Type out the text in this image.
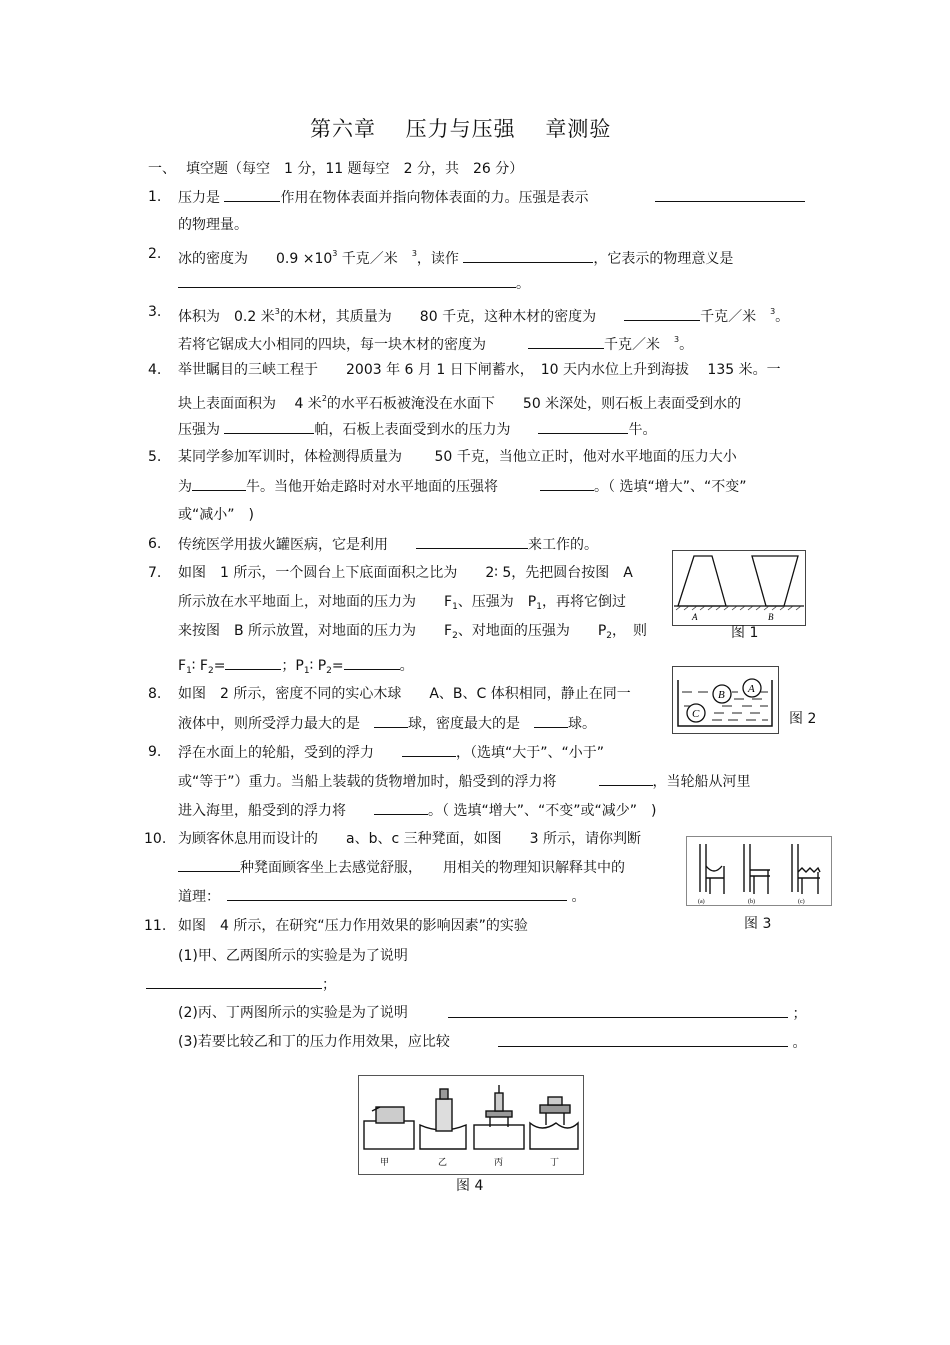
第六章　 压力与压强　 章测验
一、 填空题（每空　1 分，11 题每空　2 分，共　26 分）
1. 压力是	作用在物体表面并指向物体表面的力。压强是表示
的物理量。
2. 冰的密度为　　$0.9 \times 10^3$ 千克／米　 $^3$，读作	，它表示的物理意义是
。
3. 体积为　0.2 米$^3$的木材，其质量为　　80 千克，这种木材的密度为　　	千克／米　 $^3$。
若将它锯成大小相同的四块，每一块木材的密度为　　　	千克／米　 $^3$。
4. 举世瞩目的三峡工程于　　2003 年 6 月 1 日下闸蓄水，　10 天内水位上升到海拔　 135 米。一
块上表面面积为　 4 米$^2$的水平石板被淹没在水面下　　50 米深处，则石板上表面受到水的
压强为	帕，石板上表面受到水的压力为　　	牛。
5. 某同学参加军训时，体检测得质量为　　 50 千克，当他立正时，他对水平地面的压力大小
为	牛。当他开始走路时对水平地面的压强将　　　	。（ 选填“增大”、“不变”
或“减小”　)
6. 传统医学用拔火罐医病，它是利用　　	来工作的。
7. 如图　1 所示，一个圆台上下底面面积之比为　　2∶ 5，先把圆台按图　A
所示放在水平地面上，对地面的压力为　　$F_1$、压强为　$P_1$，再将它倒过
来按图　B 所示放置，对地面的压力为　　$F_2$、对地面的压强为　　$P_2$，　则
$F_1∶$ $F_2=$	；$P_1∶$ $P_2=$	。
A	B
图 1
8. 如图　2 所示，密度不同的实心木球　　A、B、C 体积相同，静止在同一
液体中，则所受浮力最大的是　	球，密度最大的是　	球。
A
B
C	图 2
9. 浮在水面上的轮船，受到的浮力　　	，（选填“大于”、“小于”
或“等于”）重力。当船上装载的货物增加时，船受到的浮力将　　　	，当轮船从河里
进入海里，船受到的浮力将　　	。（ 选填“增大”、“不变”或“减少”　)
10. 为顾客休息用而设计的　　a、b、c 三种凳面，如图　　3 所示，请你判断
种凳面顾客坐上去感觉舒服，　　用相关的物理知识解释其中的
道理：　	。	(a)	(b)	(c)
图 3
11. 如图　4 所示，在研究“压力作用效果的影响因素”的实验
(1)甲、乙两图所示的实验是为了说明
；
(2)丙、丁两图所示的实验是为了说明	；
(3)若要比较乙和丁的压力作用效果，应比较	。
甲	乙	丙	丁
图 4
